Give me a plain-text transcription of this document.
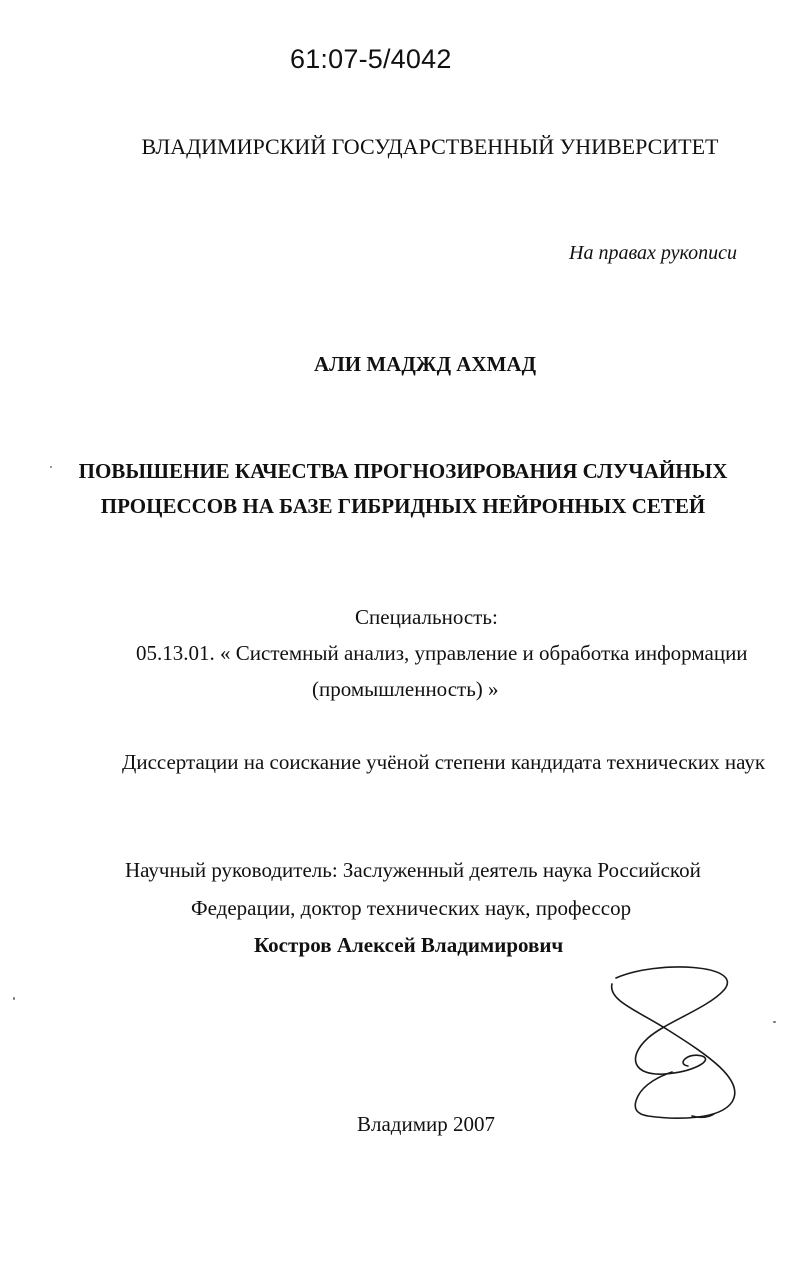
61:07-5/4042
ВЛАДИМИРСКИЙ ГОСУДАРСТВЕННЫЙ УНИВЕРСИТЕТ
На правах рукописи
АЛИ МАДЖД АХМАД
ПОВЫШЕНИЕ КАЧЕСТВА ПРОГНОЗИРОВАНИЯ СЛУЧАЙНЫХ
ПРОЦЕССОВ НА БАЗЕ ГИБРИДНЫХ НЕЙРОННЫХ СЕТЕЙ
Специальность:
05.13.01. « Системный анализ, управление и обработка информации
(промышленность) »
Диссертации на соискание учёной степени кандидата технических наук
Научный руководитель: Заслуженный деятель наука Российской
Федерации, доктор технических наук, профессор
Костров Алексей Владимирович
Владимир 2007
